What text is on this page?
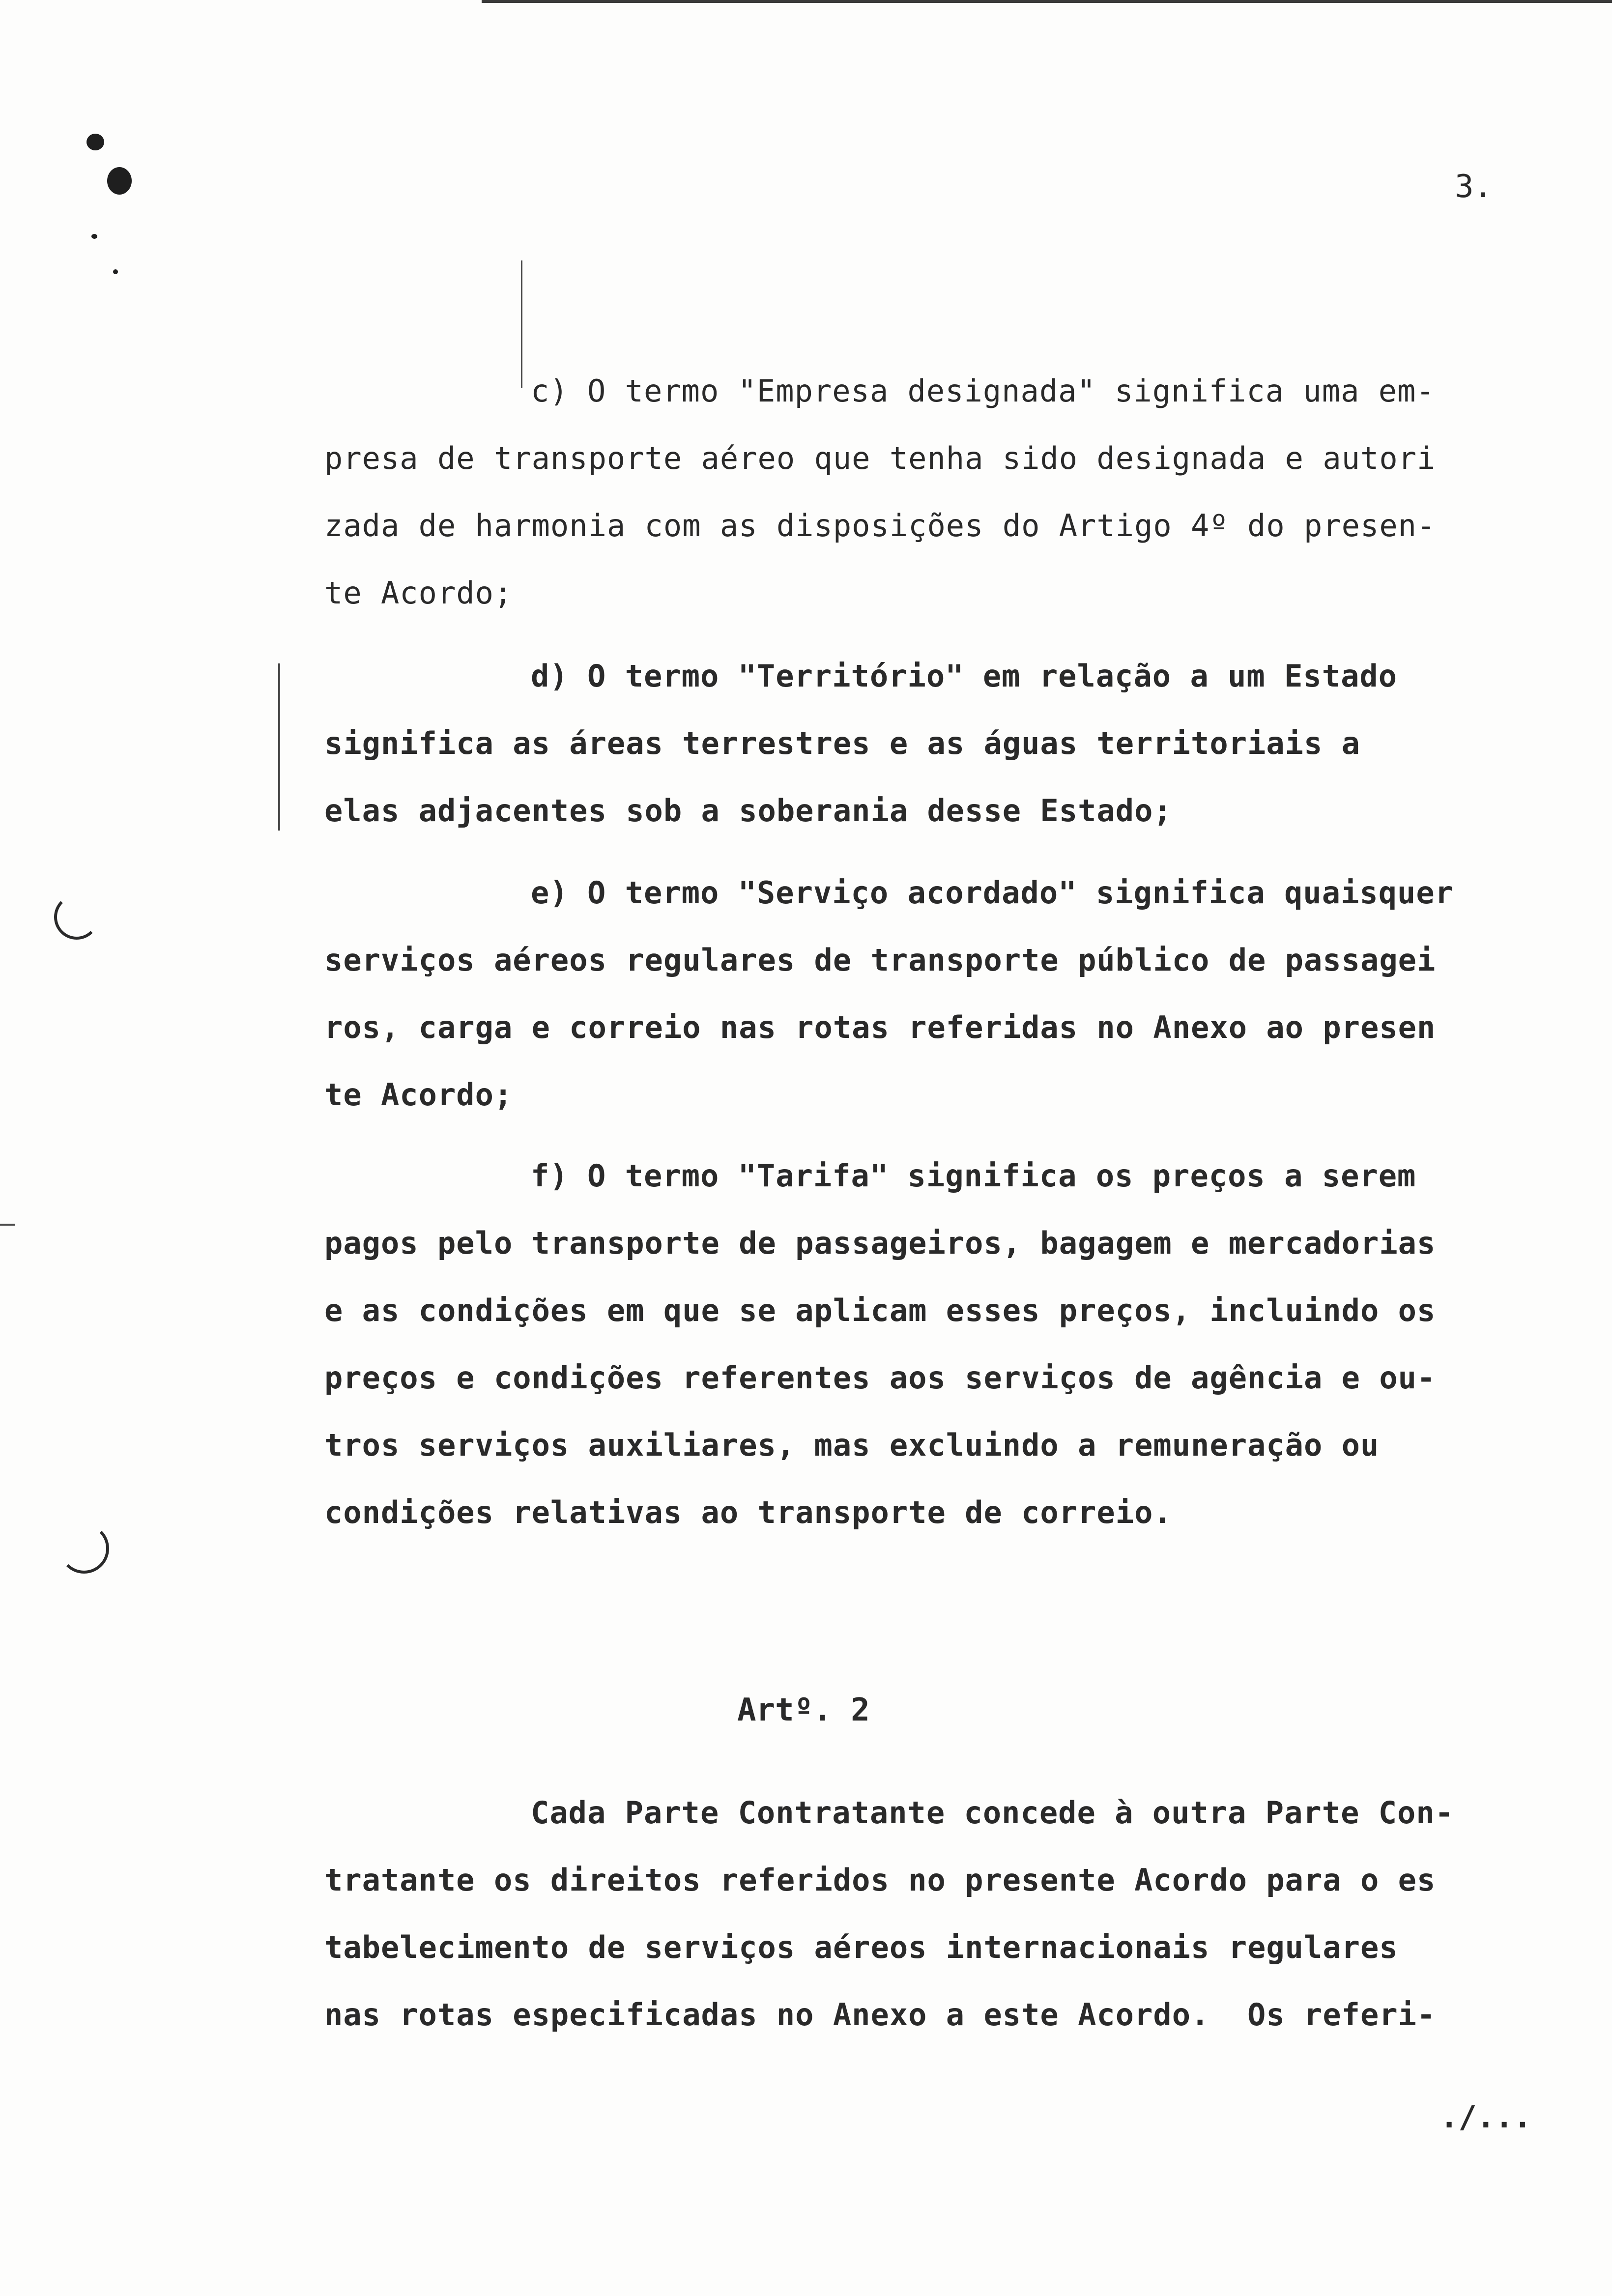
3.
c) O termo "Empresa designada" significa uma em-
presa de transporte aéreo que tenha sido designada e autori
zada de harmonia com as disposições do Artigo 4º do presen-
te Acordo;
d) O termo "Território" em relação a um Estado
significa as áreas terrestres e as águas territoriais a
elas adjacentes sob a soberania desse Estado;
e) O termo "Serviço acordado" significa quaisquer
serviços aéreos regulares de transporte público de passagei
ros, carga e correio nas rotas referidas no Anexo ao presen
te Acordo;
f) O termo "Tarifa" significa os preços a serem
pagos pelo transporte de passageiros, bagagem e mercadorias
e as condições em que se aplicam esses preços, incluindo os
preços e condições referentes aos serviços de agência e ou-
tros serviços auxiliares, mas excluindo a remuneração ou
condições relativas ao transporte de correio.
Artº. 2
Cada Parte Contratante concede à outra Parte Con-
tratante os direitos referidos no presente Acordo para o es
tabelecimento de serviços aéreos internacionais regulares
nas rotas especificadas no Anexo a este Acordo.  Os referi-
./...
